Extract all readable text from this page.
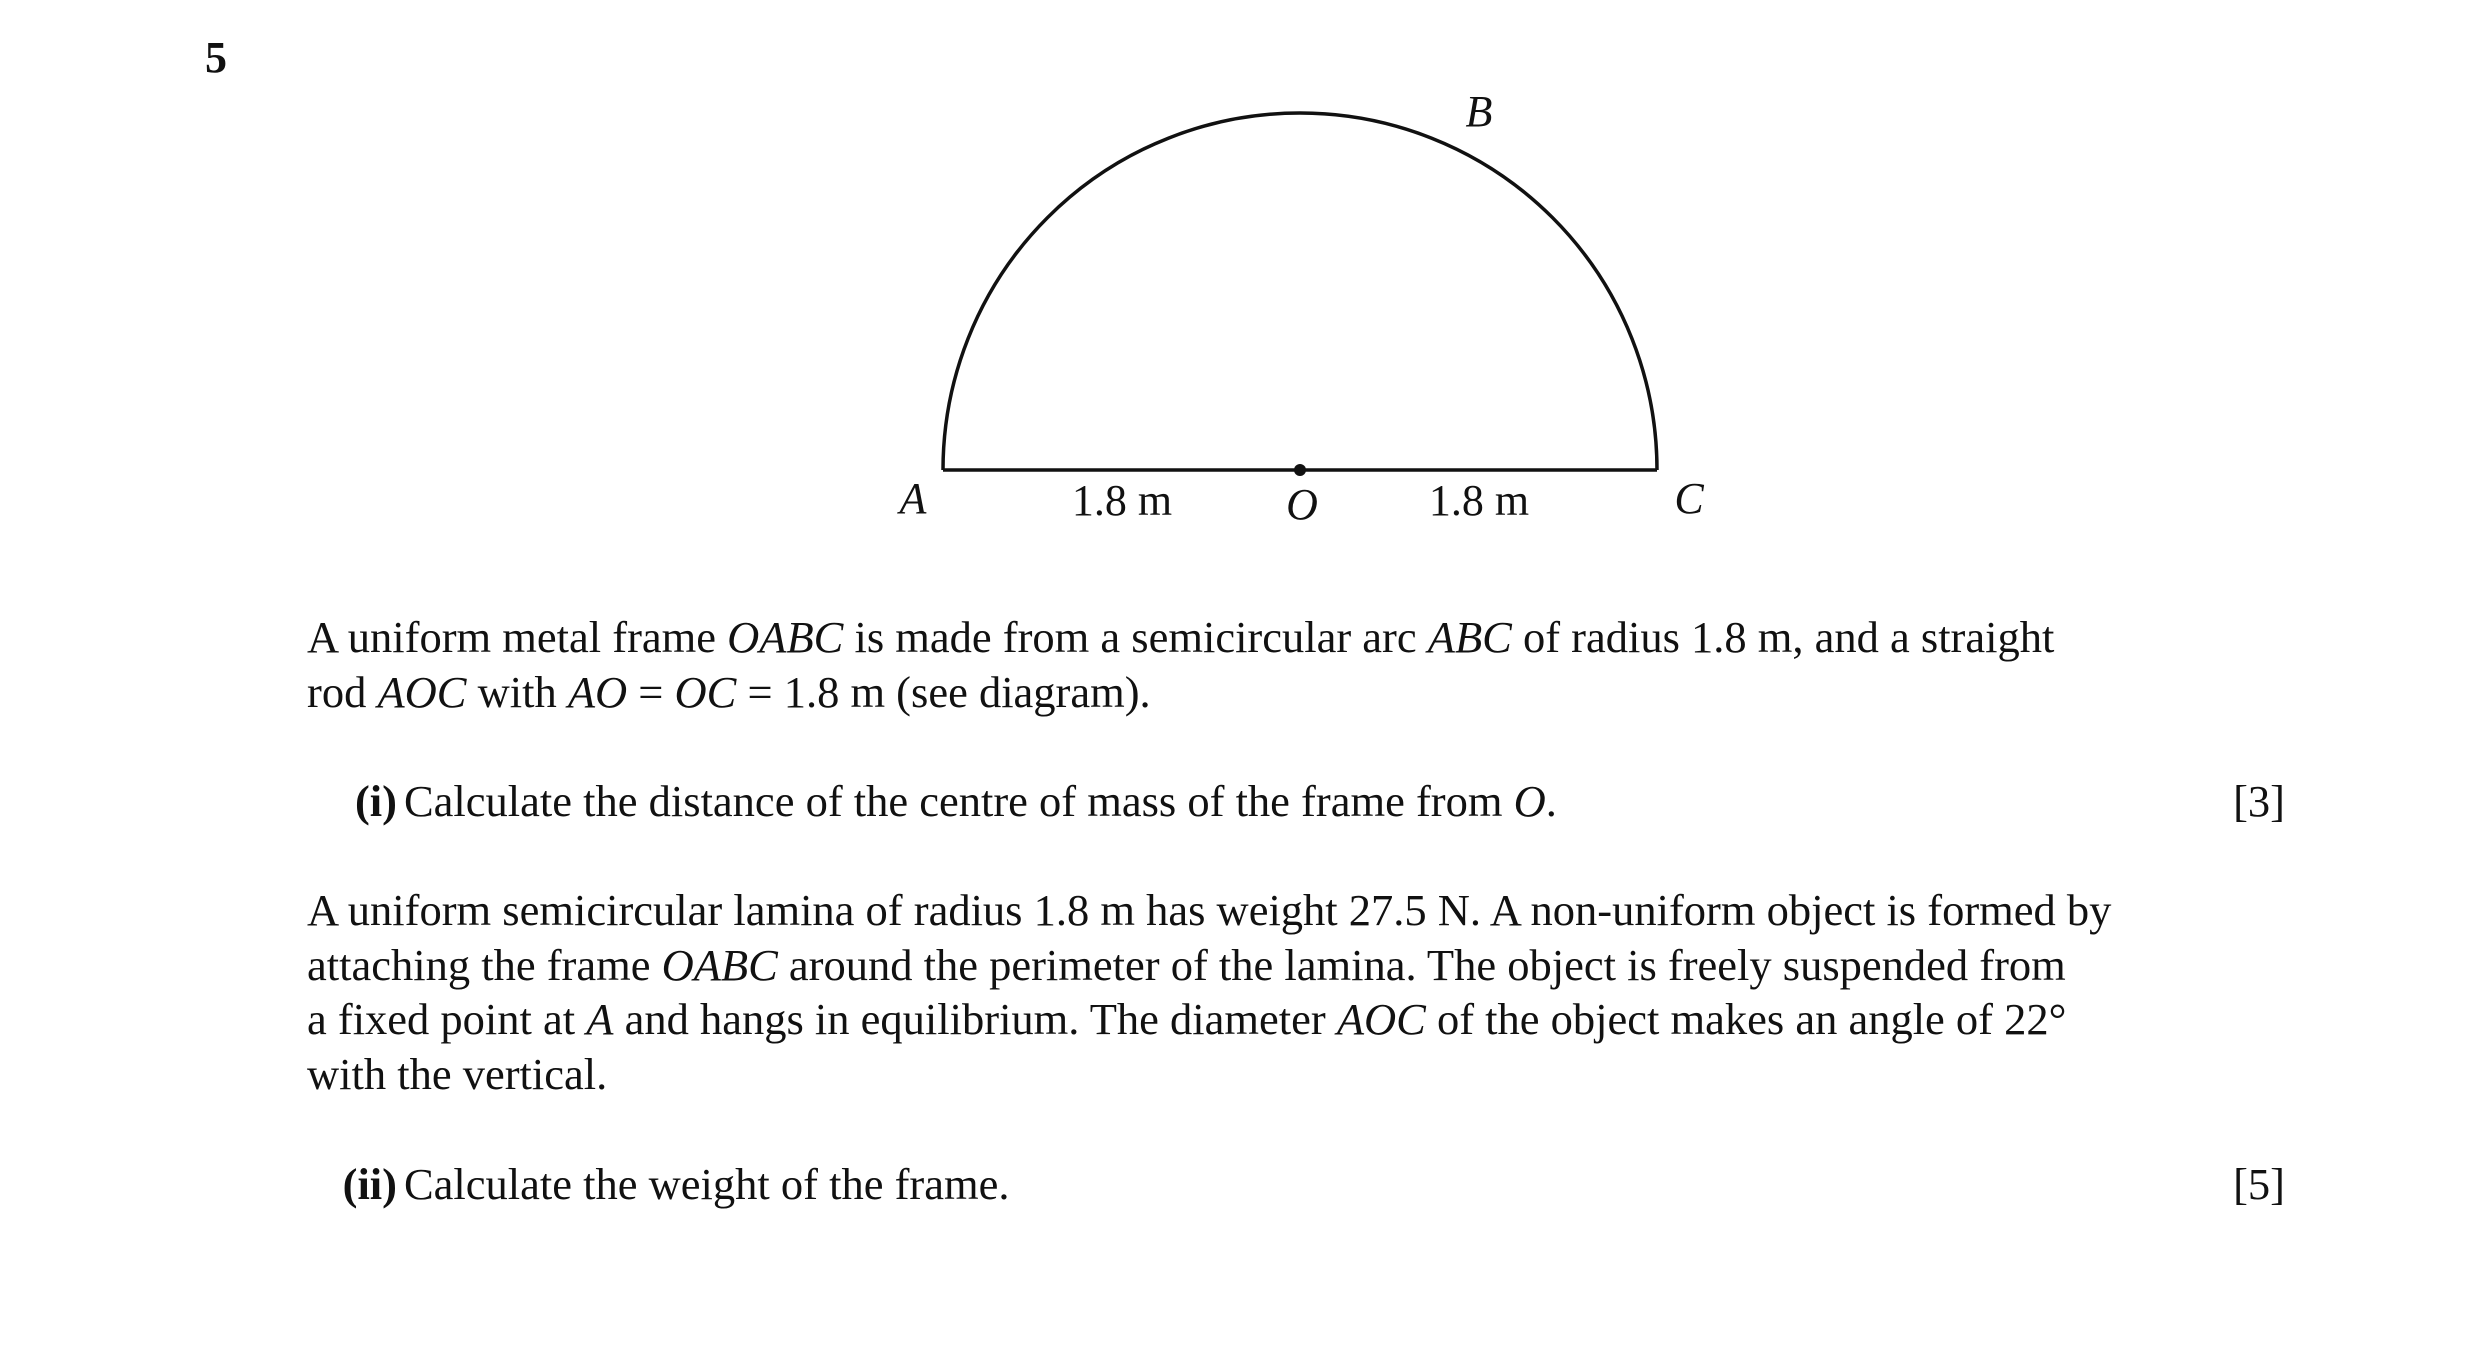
5
A
B
C
O
1.8 m	1.8 m
A uniform metal frame OABC is made from a semicircular arc ABC of radius 1.8 m, and a straight
rod AOC with AO = OC = 1.8 m (see diagram).
(i) Calculate the distance of the centre of mass of the frame from O.	[3]
A uniform semicircular lamina of radius 1.8 m has weight 27.5 N. A non-uniform object is formed by
attaching the frame OABC around the perimeter of the lamina. The object is freely suspended from
a fixed point at A and hangs in equilibrium. The diameter AOC of the object makes an angle of 22°
with the vertical.
(ii) Calculate the weight of the frame.	[5]
